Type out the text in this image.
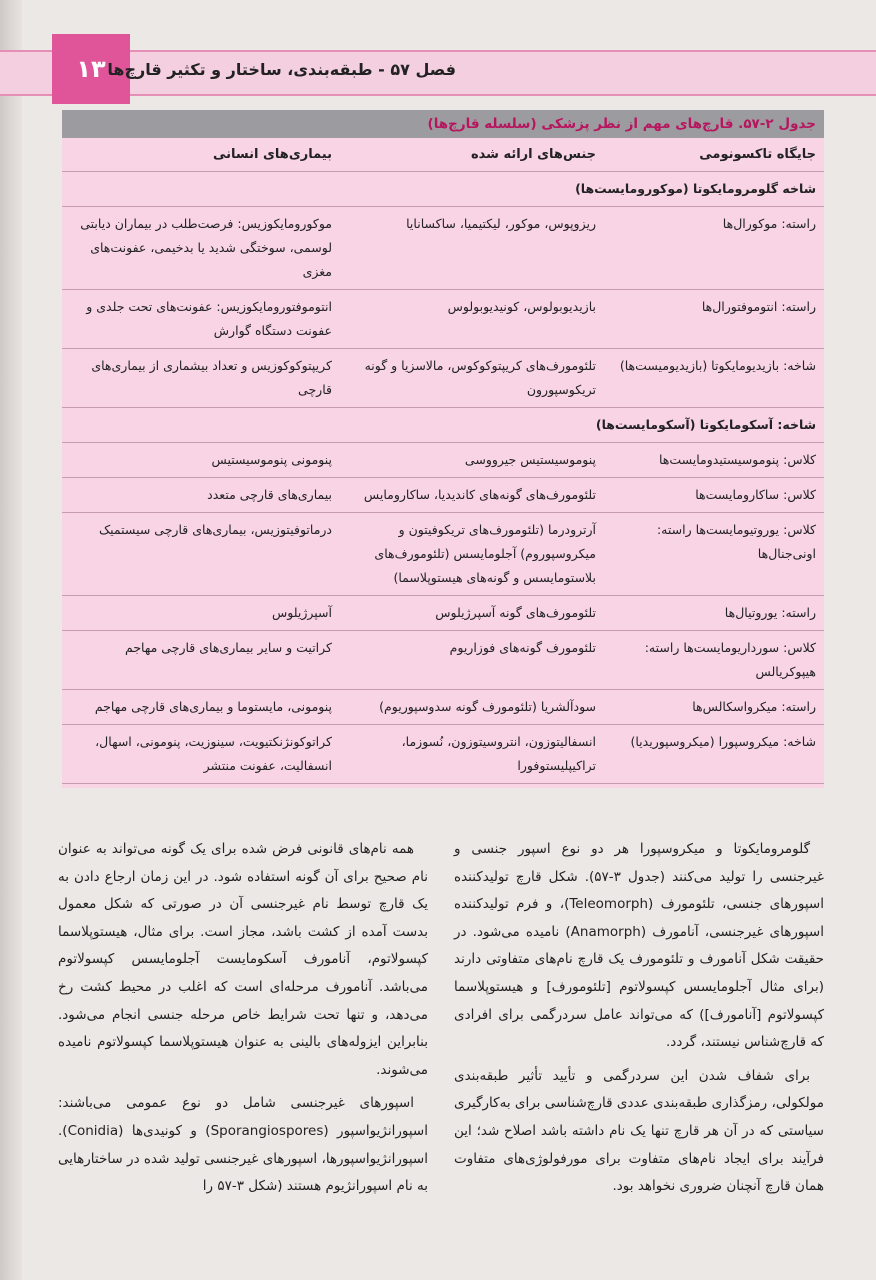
۱۳ فصل ۵۷ - طبقه‌بندی، ساختار و تکثیر قارچ‌ها
جدول ۲-۵۷. قارچ‌های مهم از نظر پزشکی (سلسله قارچ‌ها)
جایگاه تاکسونومی
جنس‌های ارائه شده
بیماری‌های انسانی
شاخه گلومرومایکوتا (موکورومایست‌ها)
راسته: موکورال‌ها
ریزوپوس، موکور، لیکتیمیا، ساکسانایا
موکورومایکوزیس: فرصت‌طلب در بیماران دیابتی لوسمی، سوختگی شدید یا بدخیمی، عفونت‌های مغزی
راسته: انتوموفتورال‌ها
بازیدیوبولوس، کونیدیوبولوس
انتوموفتورومایکوزیس: عفونت‌های تحت جلدی و عفونت دستگاه گوارش
شاخه: بازیدیومایکوتا (بازیدیومیست‌ها)
تلئومورف‌های کریپتوکوکوس، مالاسزیا و گونه تریکوسپورون
کریپتوکوکوزیس و تعداد بیشماری از بیماری‌های قارچی
شاخه: آسکومایکوتا (آسکومایست‌ها)
کلاس: پنوموسیستیدومایست‌ها
پنوموسیستیس جیرووسی
پنومونی پنوموسیستیس
کلاس: ساکارومایست‌ها
تلئومورف‌های گونه‌های کاندیدیا، ساکارومایس
بیماری‌های قارچی متعدد
کلاس: یوروتیومایست‌ها راسته: اونی‌جنال‌ها
آرترودرما (تلئومورف‌های تریکوفیتون و میکروسپوروم) آجلومایسس (تلئومورف‌های بلاستومایسس و گونه‌های هیستوپلاسما)
درماتوفیتوزیس، بیماری‌های قارچی سیستمیک
راسته: یوروتیال‌ها
تلئومورف‌های گونه آسپرژیلوس
آسپرژیلوس
کلاس: سورداریومایست‌ها راسته: هیپوکریالس
تلئومورف گونه‌های فوزاریوم
کراتیت و سایر بیماری‌های قارچی مهاجم
راسته: میکرواسکالس‌ها
سودآلشریا (تلئومورف گونه سدوسپوریوم)
پنومونی، مایستوما و بیماری‌های قارچی مهاجم
شاخه: میکروسپورا (میکروسپوریدیا)
انسفالیتوزون، انتروسیتوزون، نُسوزما، تراکیپلیستوفورا
کراتوکونژنکتیویت، سینوزیت، پنومونی، اسهال، انسفالیت، عفونت منتشر

گلومرومایکوتا و میکروسپورا هر دو نوع اسپور جنسی و غیرجنسی را تولید می‌کنند (جدول ۳-۵۷). شکل قارچ تولیدکننده اسپورهای جنسی، تلئومورف (Teleomorph)، و فرم تولیدکننده اسپورهای غیرجنسی، آنامورف (Anamorph) نامیده می‌شود. در حقیقت شکل آنامورف و تلئومورف یک قارچ نام‌های متفاوتی دارند (برای مثال آجلومایسس کپسولاتوم [تلئومورف] و هیستوپلاسما کپسولاتوم [آنامورف]) که می‌تواند عامل سردرگمی برای افرادی که قارچ‌شناس نیستند، گردد.

برای شفاف شدن این سردرگمی و تأیید تأثیر طبقه‌بندی مولکولی، رمزگذاری طبقه‌بندی عددی قارچ‌شناسی برای به‌کارگیری سیاستی که در آن هر قارچ تنها یک نام داشته باشد اصلاح شد؛ این فرآیند برای ایجاد نام‌های متفاوت برای مورفولوژی‌های متفاوت همان قارچ آنچنان ضروری نخواهد بود.

همه نام‌های قانونی فرض شده برای یک گونه می‌تواند به عنوان نام صحیح برای آن گونه استفاده شود. در این زمان ارجاع دادن به یک قارچ توسط نام غیرجنسی آن در صورتی که شکل معمول بدست آمده از کشت باشد، مجاز است. برای مثال، هیستوپلاسما کپسولاتوم، آنامورف آسکومایست آجلومایسس کپسولاتوم می‌باشد. آنامورف مرحله‌ای است که اغلب در محیط کشت رخ می‌دهد، و تنها تحت شرایط خاص مرحله جنسی انجام می‌شود. بنابراین ایزوله‌های بالینی به عنوان هیستوپلاسما کپسولاتوم نامیده می‌شوند.

اسپورهای غیرجنسی شامل دو نوع عمومی می‌باشند: اسپورانژیواسپور (Sporangiospores) و کونیدی‌ها (Conidia). اسپورانژیواسپورها، اسپورهای غیرجنسی تولید شده در ساختارهایی به نام اسپورانژیوم هستند (شکل ۳-۵۷ را
